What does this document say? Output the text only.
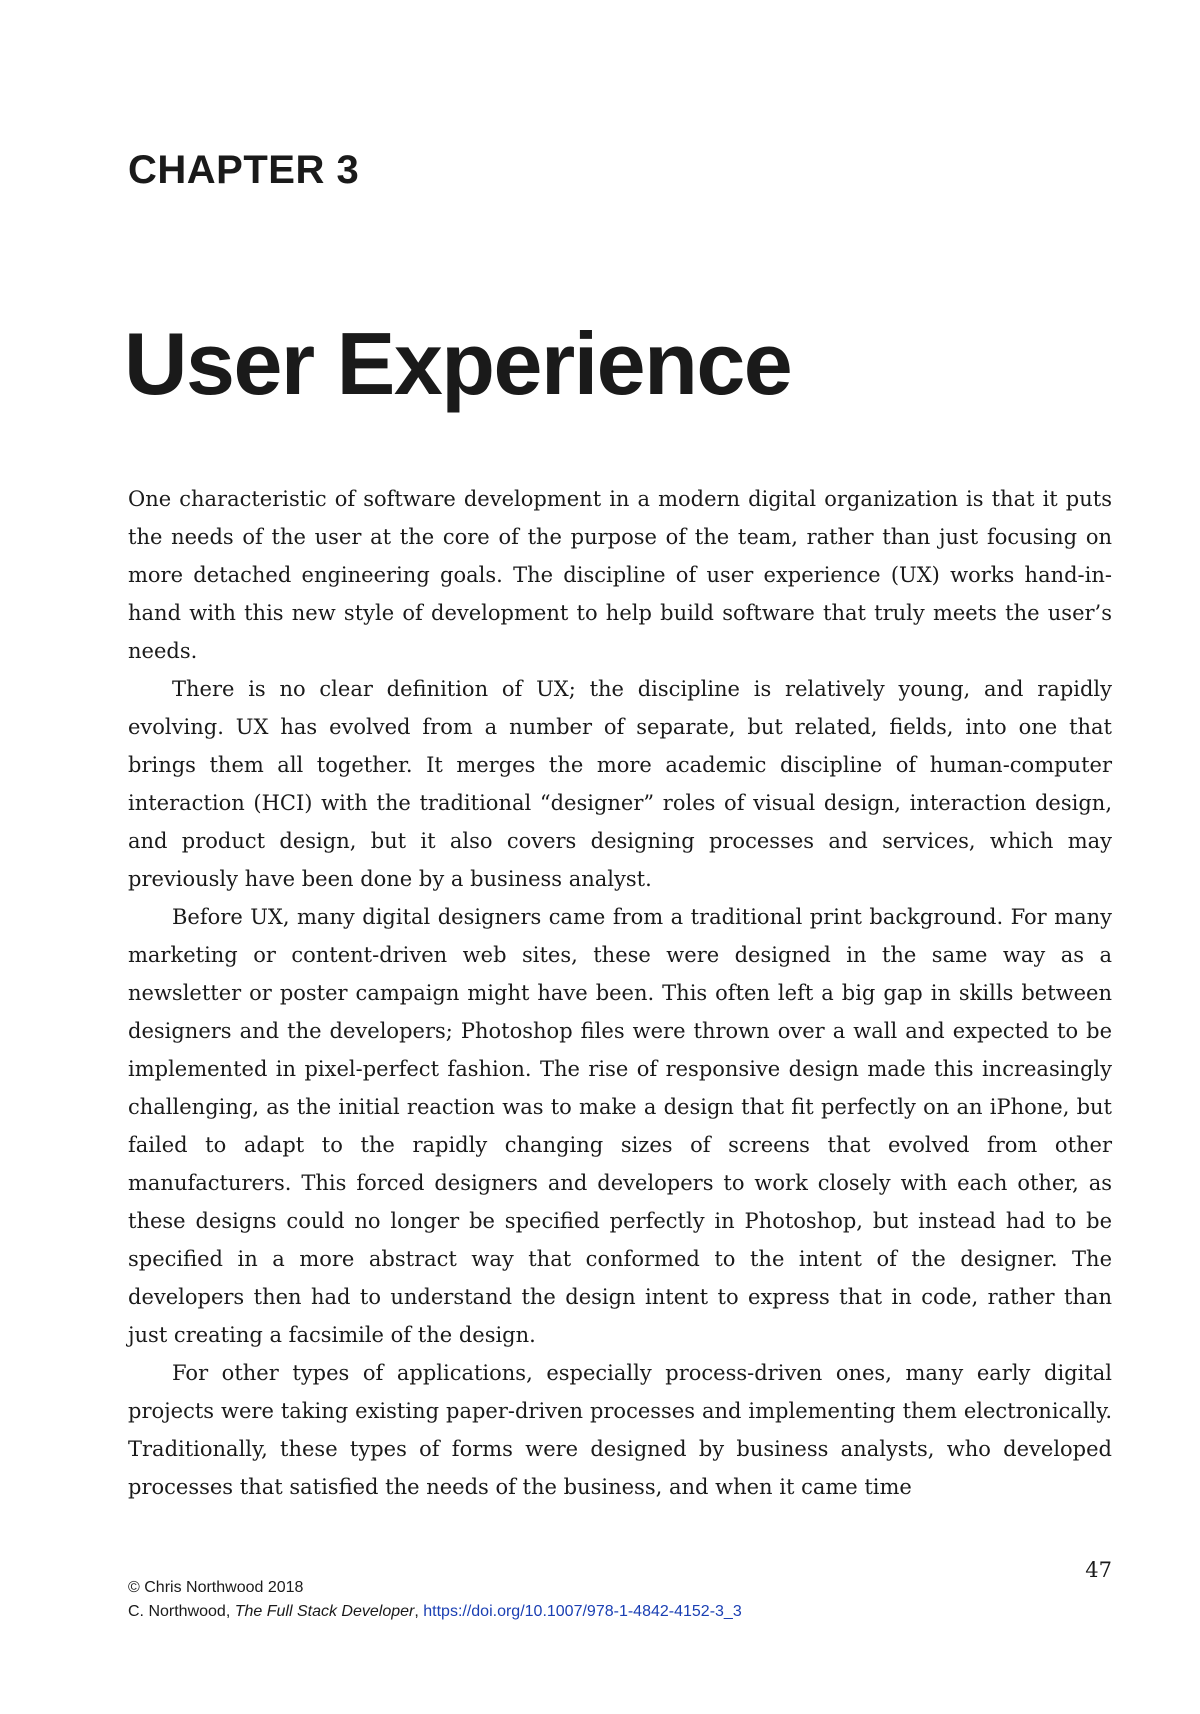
CHAPTER 3
User Experience

One characteristic of software development in a modern digital organization is that it puts the needs of the user at the core of the purpose of the team, rather than just focusing on more detached engineering goals. The discipline of user experience (UX) works hand-in-hand with this new style of development to help build software that truly meets the user’s needs.

There is no clear definition of UX; the discipline is relatively young, and rapidly evolving. UX has evolved from a number of separate, but related, fields, into one that brings them all together. It merges the more academic discipline of human-computer interaction (HCI) with the traditional “designer” roles of visual design, interaction design, and product design, but it also covers designing processes and services, which may previously have been done by a business analyst.

Before UX, many digital designers came from a traditional print background. For many marketing or content-driven web sites, these were designed in the same way as a newsletter or poster campaign might have been. This often left a big gap in skills between designers and the developers; Photoshop files were thrown over a wall and expected to be implemented in pixel-perfect fashion. The rise of responsive design made this increasingly challenging, as the initial reaction was to make a design that fit perfectly on an iPhone, but failed to adapt to the rapidly changing sizes of screens that evolved from other manufacturers. This forced designers and developers to work closely with each other, as these designs could no longer be specified perfectly in Photoshop, but instead had to be specified in a more abstract way that conformed to the intent of the designer. The developers then had to understand the design intent to express that in code, rather than just creating a facsimile of the design.

For other types of applications, especially process-driven ones, many early digital projects were taking existing paper-driven processes and implementing them electronically. Traditionally, these types of forms were designed by business analysts, who developed processes that satisfied the needs of the business, and when it came time

47
© Chris Northwood 2018
C. Northwood, The Full Stack Developer, https://doi.org/10.1007/978-1-4842-4152-3_3
